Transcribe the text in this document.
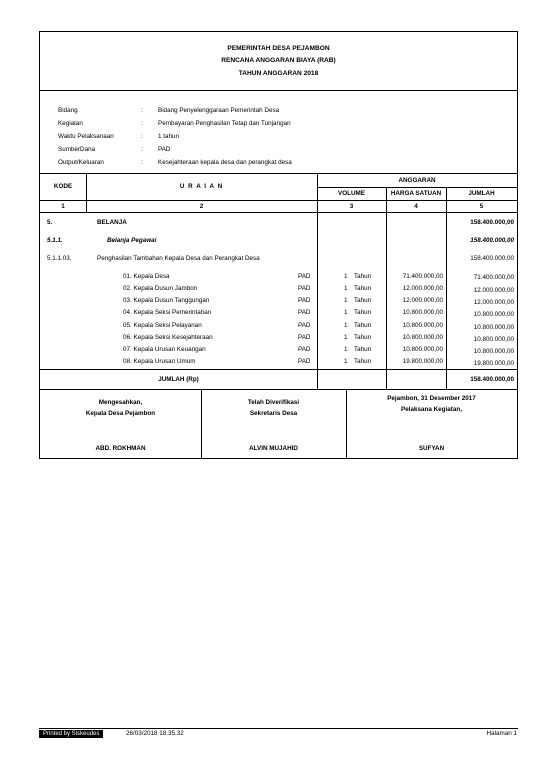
PEMERINTAH DESA PEJAMBON
RENCANA ANGGARAN BIAYA (RAB)
TAHUN ANGGARAN 2018
Bidang	: Bidang Penyelenggaraan Pemerintah Desa
Kegiatan	: Pembayaran Penghasilan Tetap dan Tunjangan
Waktu Pelaksanaan	: 1 tahun
SumberDana	: PAD
Output/Keluaran	: Kesejahteraan kepala desa dan perangkat desa
KODE	U R A I A N
ANGGARAN
VOLUME	HARGA SATUAN	JUMLAH
1	2	3	4	5
5.	BELANJA	158.400.000,00
5.1.1.	Belanja Pegawai	158.400.000,00
5.1.1.03.	Penghasilan Tambahan Kepala Desa dan Perangkat Desa	158.400.000,00
01. Kepala Desa	PAD	1 Tahun	71.400.000,00	71.400.000,00
02. Kepala Dusun Jambon	PAD	1 Tahun	12.000.000,00	12.000.000,00
03. Kepala Dusun Tanggungan	PAD	1 Tahun	12.000.000,00	12.000.000,00
04. Kepala Seksi Pemerintahan	PAD	1 Tahun	10.800.000,00	10.800.000,00
05. Kepala Seksi Pelayanan	PAD	1 Tahun	10.800.000,00	10.800.000,00
06. Kepala Seksi Kesejahteraan	PAD	1 Tahun	10.800.000,00	10.800.000,00
07. Kepala Urusan Keuangan	PAD	1 Tahun	10.800.000,00	10.800.000,00
08. Kepala Urusan Umum	PAD	1 Tahun	19.800.000,00	19.800.000,00
JUMLAH (Rp)	158.400.000,00
Mengesahkan,
Kepala Desa Pejambon
ABD. ROKHMAN
Telah Diverifikasi
Sekretaris Desa
ALVIN MUJAHID
Pejambon, 31 Desember 2017
Pelaksana Kegiatan,
SUFYAN
Printed by Siskeudes	26/03/2018 18.35.32	Halaman 1
